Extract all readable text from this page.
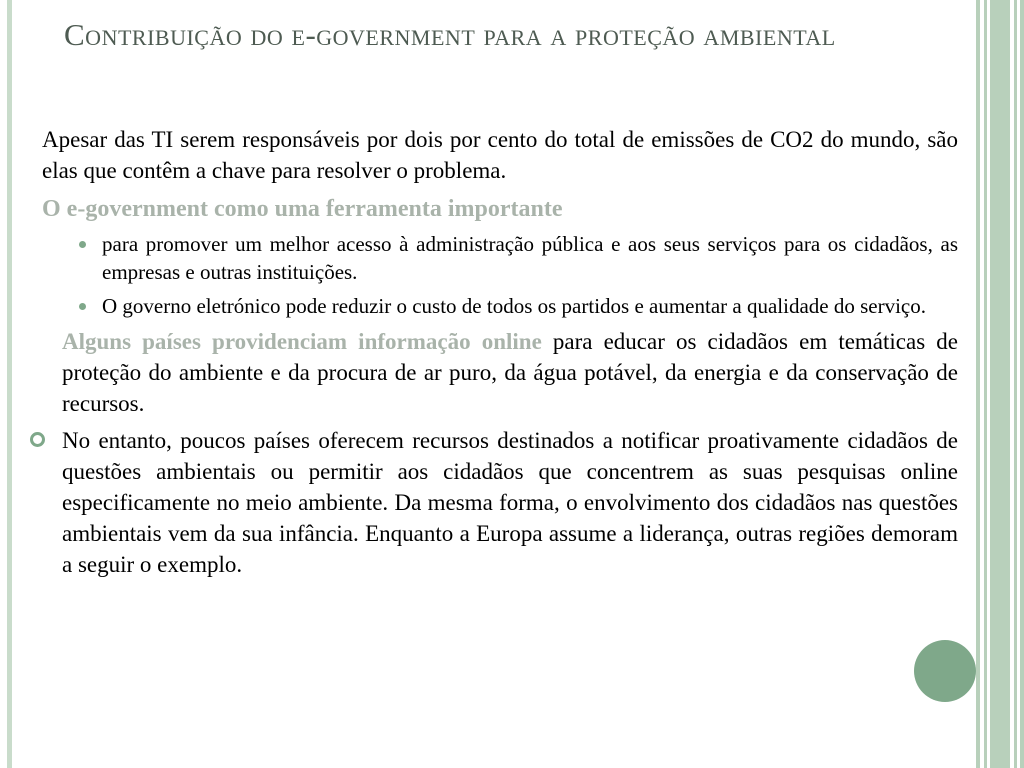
Contribuição do e-government para a proteção ambiental

Apesar das TI serem responsáveis por dois por cento do total de emissões de CO2 do mundo, são elas que contêm a chave para resolver o problema.

O e-government como uma ferramenta importante
para promover um melhor acesso à administração pública e aos seus serviços para os cidadãos, as empresas e outras instituições.
O governo eletrónico pode reduzir o custo de todos os partidos e aumentar a qualidade do serviço.

Alguns países providenciam informação online para educar os cidadãos em temáticas de proteção do ambiente e da procura de ar puro, da água potável, da energia e da conservação de recursos.

No entanto, poucos países oferecem recursos destinados a notificar proativamente cidadãos de questões ambientais ou permitir aos cidadãos que concentrem as suas pesquisas online especificamente no meio ambiente. Da mesma forma, o envolvimento dos cidadãos nas questões ambientais vem da sua infância. Enquanto a Europa assume a liderança, outras regiões demoram a seguir o exemplo.
